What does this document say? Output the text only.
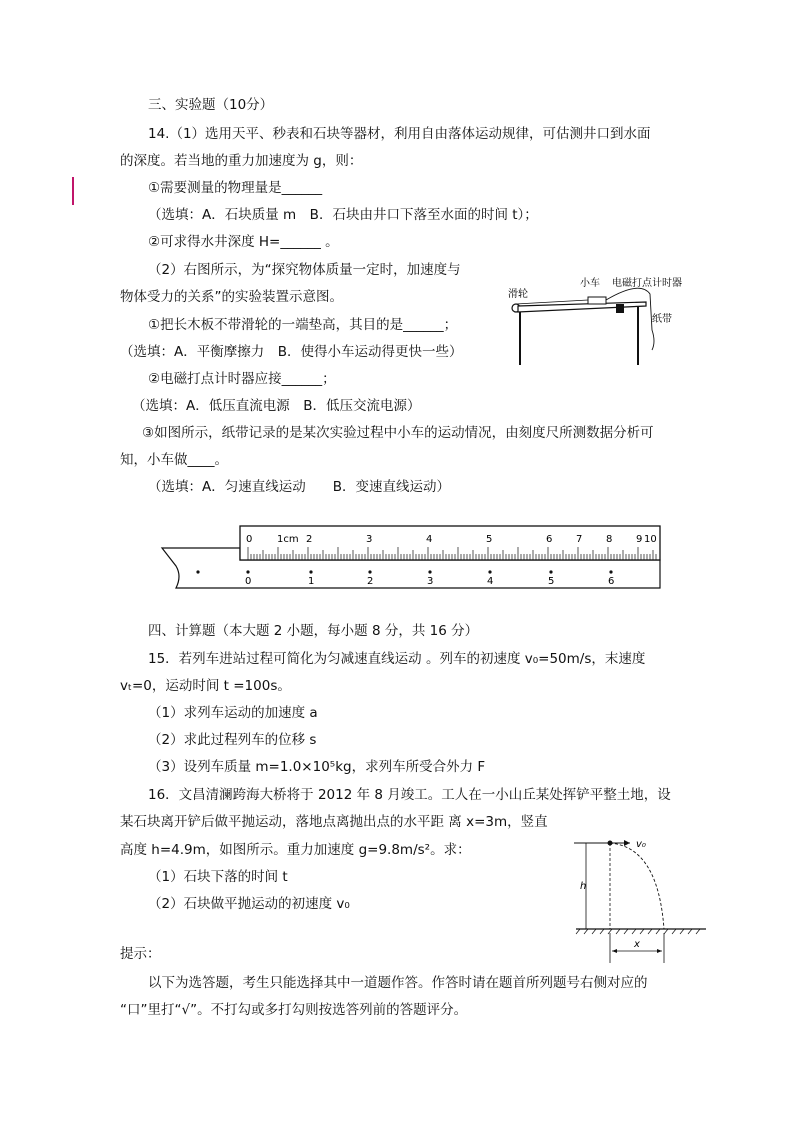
三、实验题（10分）
14.（1）选用天平、秒表和石块等器材，利用自由落体运动规律，可估测井口到水面
的深度。若当地的重力加速度为 g，则：
①需要测量的物理量是______
（选填：A．石块质量 m　B．石块由井口下落至水面的时间 t）；
②可求得水井深度 H=______ 。
（2）右图所示，为“探究物体质量一定时，加速度与
物体受力的关系”的实验装置示意图。
①把长木板不带滑轮的一端垫高，其目的是______；
（选填：A．平衡摩擦力　B．使得小车运动得更快一些）
②电磁打点计时器应接______；
（选填：A．低压直流电源　B．低压交流电源）
③如图所示，纸带记录的是某次实验过程中小车的运动情况，由刻度尺所测数据分析可
知，小车做____。
（选填：A．匀速直线运动　　B．变速直线运动）
四、计算题（本大题 2 小题，每小题 8 分，共 16 分）
15．若列车进站过程可简化为匀减速直线运动 。列车的初速度 v₀=50m/s，末速度
vₜ=0，运动时间 t =100s。
（1）求列车运动的加速度 a
（2）求此过程列车的位移 s
（3）设列车质量 m=1.0×10⁵kg，求列车所受合外力 F
16．文昌清澜跨海大桥将于 2012 年 8 月竣工。工人在一小山丘某处挥铲平整土地，设
某石块离开铲后做平抛运动，落地点离抛出点的水平距 离 x=3m，竖直
高度 h=4.9m，如图所示。重力加速度 g=9.8m/s²。求：
（1）石块下落的时间 t
（2）石块做平抛运动的初速度 v₀
提示：
以下为选答题，考生只能选择其中一道题作答。作答时请在题首所列题号右侧对应的
“口”里打“√”。不打勾或多打勾则按选答列前的答题评分。
滑轮
小车 电磁打点计时器
纸带
1cm
0	2	3	4	5	6 7 8 9 10
0	1	2	3	4	5	6
v₀
h
x
